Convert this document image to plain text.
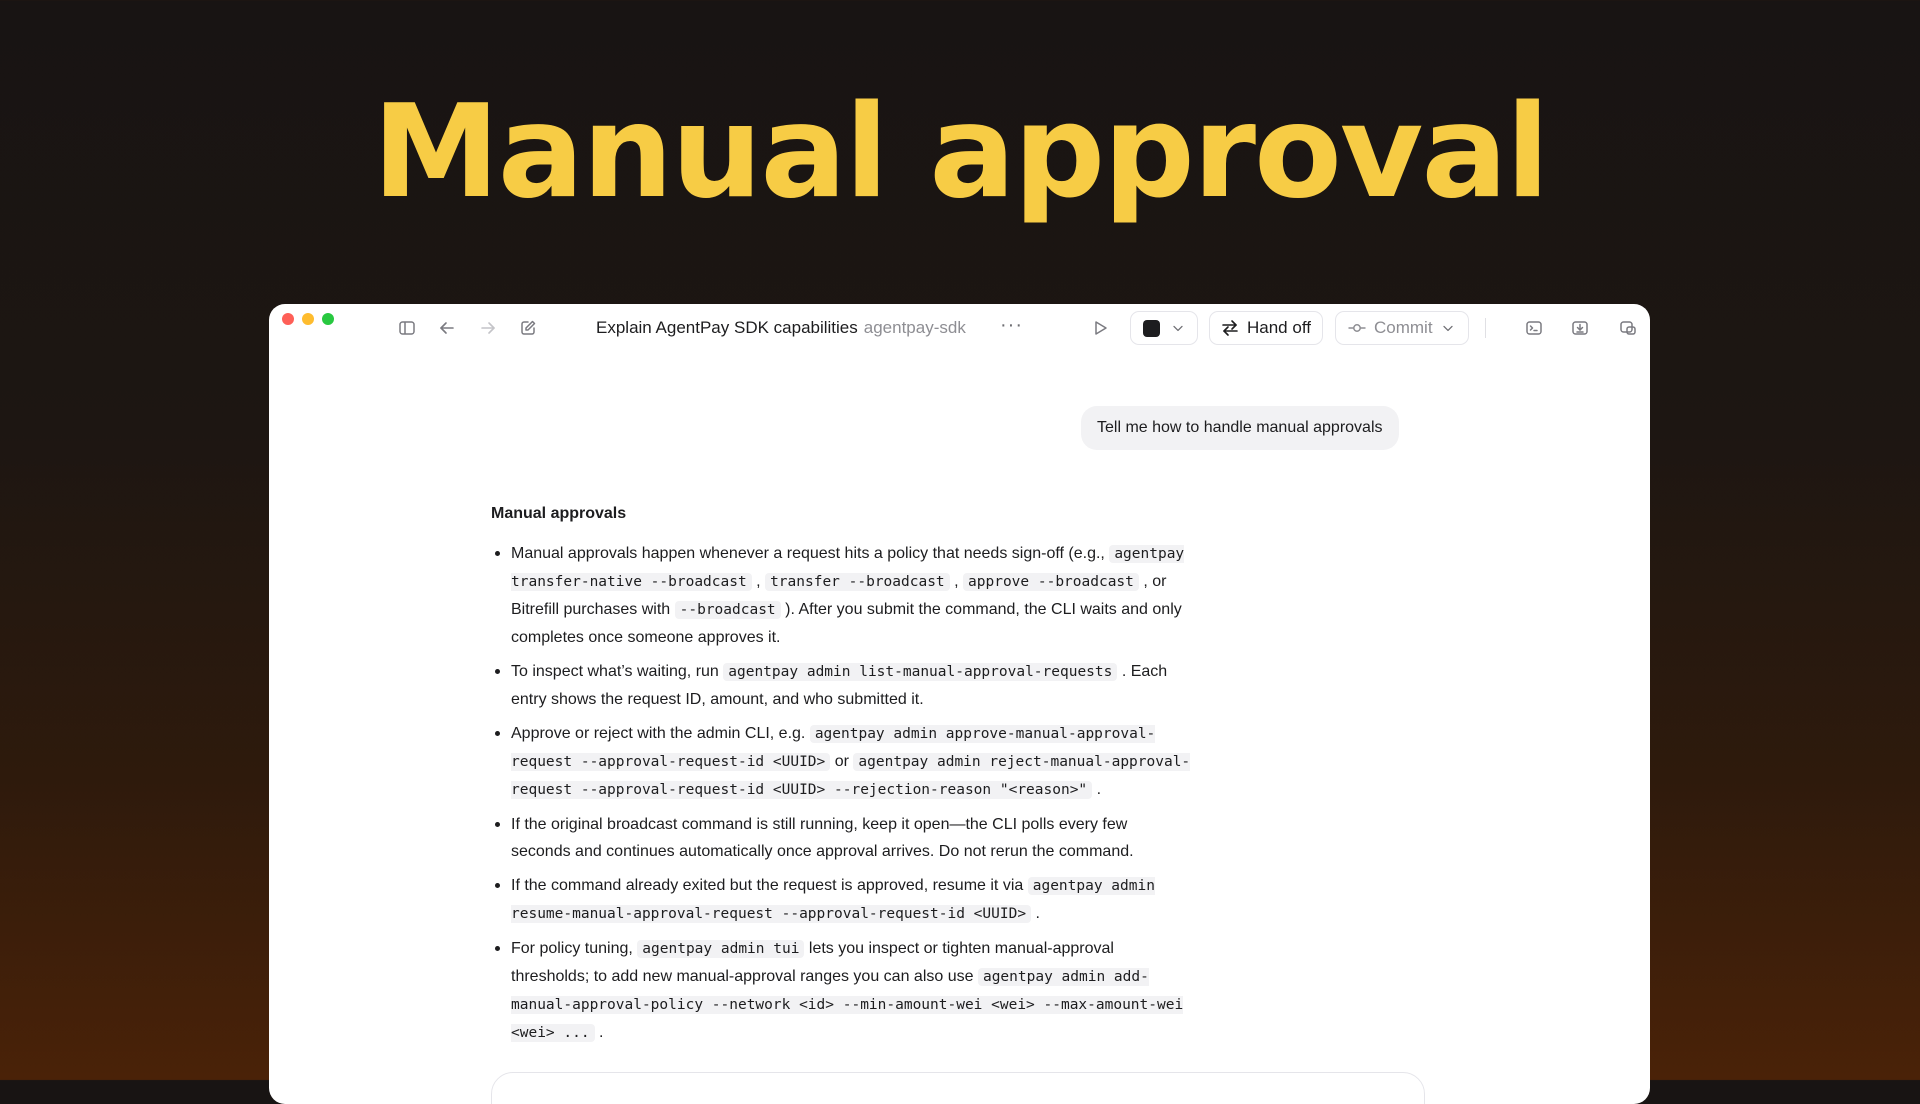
Manual approval
Explain AgentPay SDK capabilities agentpay-sdk ···	Hand off	Commit
Tell me how to handle manual approvals
Manual approvals
Manual approvals happen whenever a request hits a policy that needs sign-off (e.g., agentpay transfer-native --broadcast , transfer --broadcast , approve --broadcast , or Bitrefill purchases with --broadcast ). After you submit the command, the CLI waits and only completes once someone approves it.
To inspect what’s waiting, run agentpay admin list-manual-approval-requests . Each entry shows the request ID, amount, and who submitted it.
Approve or reject with the admin CLI, e.g. agentpay admin approve-manual-approval-request --approval-request-id <UUID> or agentpay admin reject-manual-approval-request --approval-request-id <UUID> --rejection-reason "<reason>" .
If the original broadcast command is still running, keep it open—the CLI polls every few seconds and continues automatically once approval arrives. Do not rerun the command.
If the command already exited but the request is approved, resume it via agentpay admin resume-manual-approval-request --approval-request-id <UUID> .
For policy tuning, agentpay admin tui lets you inspect or tighten manual-approval thresholds; to add new manual-approval ranges you can also use agentpay admin add-manual-approval-policy --network <id> --min-amount-wei <wei> --max-amount-wei <wei> ... .
